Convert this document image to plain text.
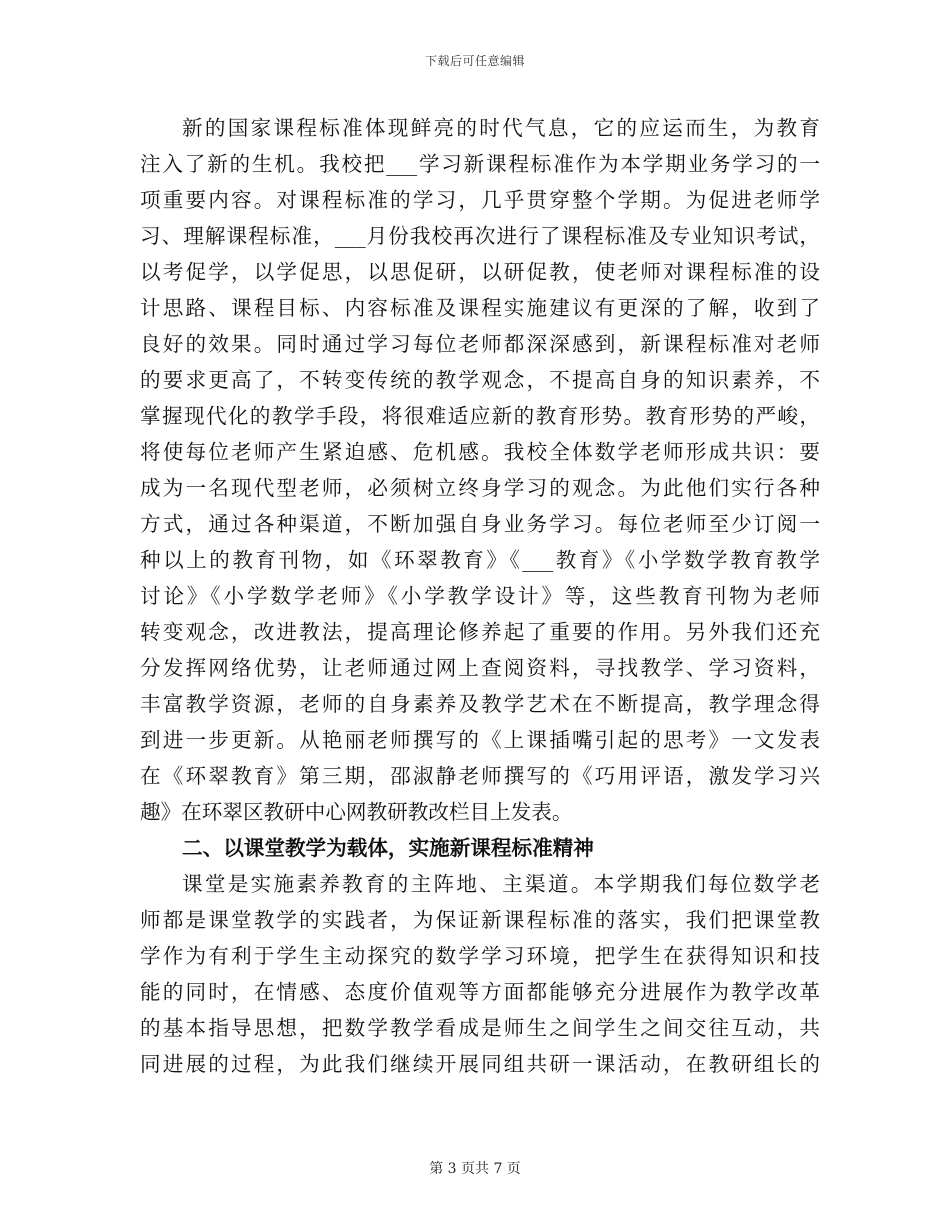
下载后可任意编辑
新的国家课程标准体现鲜亮的时代气息，它的应运而生，为教育
注入了新的生机。我校把___学习新课程标准作为本学期业务学习的一
项重要内容。对课程标准的学习，几乎贯穿整个学期。为促进老师学
习、理解课程标准，___月份我校再次进行了课程标准及专业知识考试，
以考促学，以学促思，以思促研，以研促教，使老师对课程标准的设
计思路、课程目标、内容标准及课程实施建议有更深的了解，收到了
良好的效果。同时通过学习每位老师都深深感到，新课程标准对老师
的要求更高了，不转变传统的教学观念，不提高自身的知识素养，不
掌握现代化的教学手段，将很难适应新的教育形势。教育形势的严峻，
将使每位老师产生紧迫感、危机感。我校全体数学老师形成共识：要
成为一名现代型老师，必须树立终身学习的观念。为此他们实行各种
方式，通过各种渠道，不断加强自身业务学习。每位老师至少订阅一
种以上的教育刊物，如《环翠教育》《___教育》《小学数学教育教学
讨论》《小学数学老师》《小学教学设计》等，这些教育刊物为老师
转变观念，改进教法，提高理论修养起了重要的作用。另外我们还充
分发挥网络优势，让老师通过网上查阅资料，寻找教学、学习资料，
丰富教学资源，老师的自身素养及教学艺术在不断提高，教学理念得
到进一步更新。从艳丽老师撰写的《上课插嘴引起的思考》一文发表
在《环翠教育》第三期，邵淑静老师撰写的《巧用评语，激发学习兴
趣》在环翠区教研中心网教研教改栏目上发表。
二、以课堂教学为载体，实施新课程标准精神
课堂是实施素养教育的主阵地、主渠道。本学期我们每位数学老
师都是课堂教学的实践者，为保证新课程标准的落实，我们把课堂教
学作为有利于学生主动探究的数学学习环境，把学生在获得知识和技
能的同时，在情感、态度价值观等方面都能够充分进展作为教学改革
的基本指导思想，把数学教学看成是师生之间学生之间交往互动，共
同进展的过程，为此我们继续开展同组共研一课活动，在教研组长的
第 3 页共 7 页
